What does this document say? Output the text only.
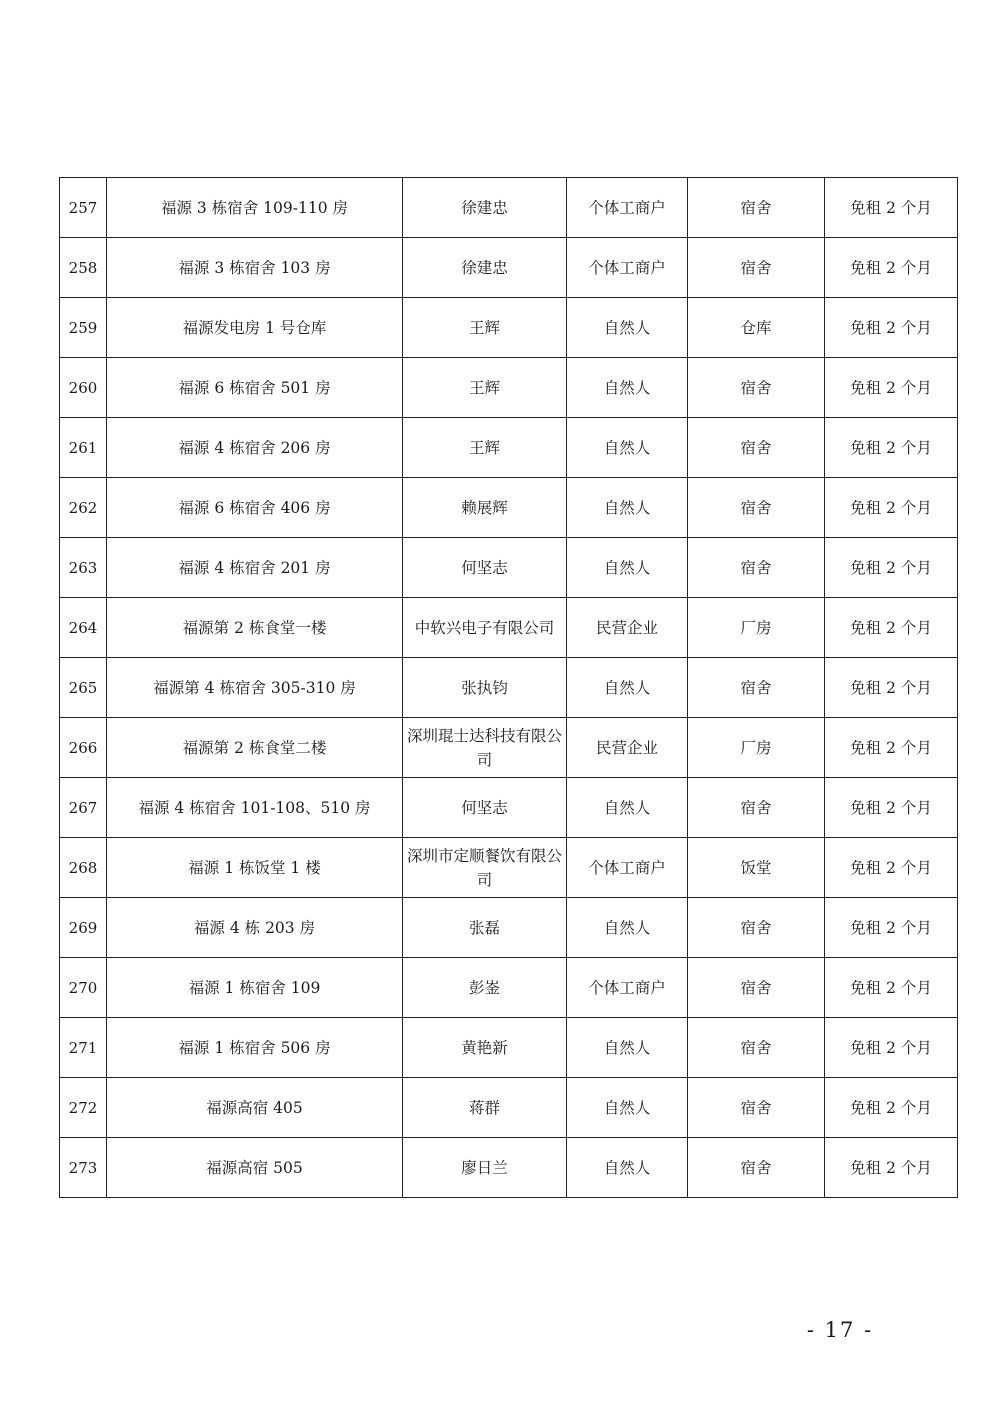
257	福源 3 栋宿舍 109-110 房	徐建忠	个体工商户	宿舍	免租 2 个月
258	福源 3 栋宿舍 103 房	徐建忠	个体工商户	宿舍	免租 2 个月
259	福源发电房 1 号仓库	王辉	自然人	仓库	免租 2 个月
260	福源 6 栋宿舍 501 房	王辉	自然人	宿舍	免租 2 个月
261	福源 4 栋宿舍 206 房	王辉	自然人	宿舍	免租 2 个月
262	福源 6 栋宿舍 406 房	赖展辉	自然人	宿舍	免租 2 个月
263	福源 4 栋宿舍 201 房	何坚志	自然人	宿舍	免租 2 个月
264	福源第 2 栋食堂一楼	中软兴电子有限公司	民营企业	厂房	免租 2 个月
265	福源第 4 栋宿舍 305-310 房	张执钧	自然人	宿舍	免租 2 个月
266	福源第 2 栋食堂二楼	深圳琨士达科技有限公司	民营企业	厂房	免租 2 个月
267	福源 4 栋宿舍 101-108、510 房	何坚志	自然人	宿舍	免租 2 个月
268	福源 1 栋饭堂 1 楼	深圳市定顺餐饮有限公司	个体工商户	饭堂	免租 2 个月
269	福源 4 栋 203 房	张磊	自然人	宿舍	免租 2 个月
270	福源 1 栋宿舍 109	彭崟	个体工商户	宿舍	免租 2 个月
271	福源 1 栋宿舍 506 房	黄艳新	自然人	宿舍	免租 2 个月
272	福源高宿 405	蒋群	自然人	宿舍	免租 2 个月
273	福源高宿 505	廖日兰	自然人	宿舍	免租 2 个月
- 17 -
